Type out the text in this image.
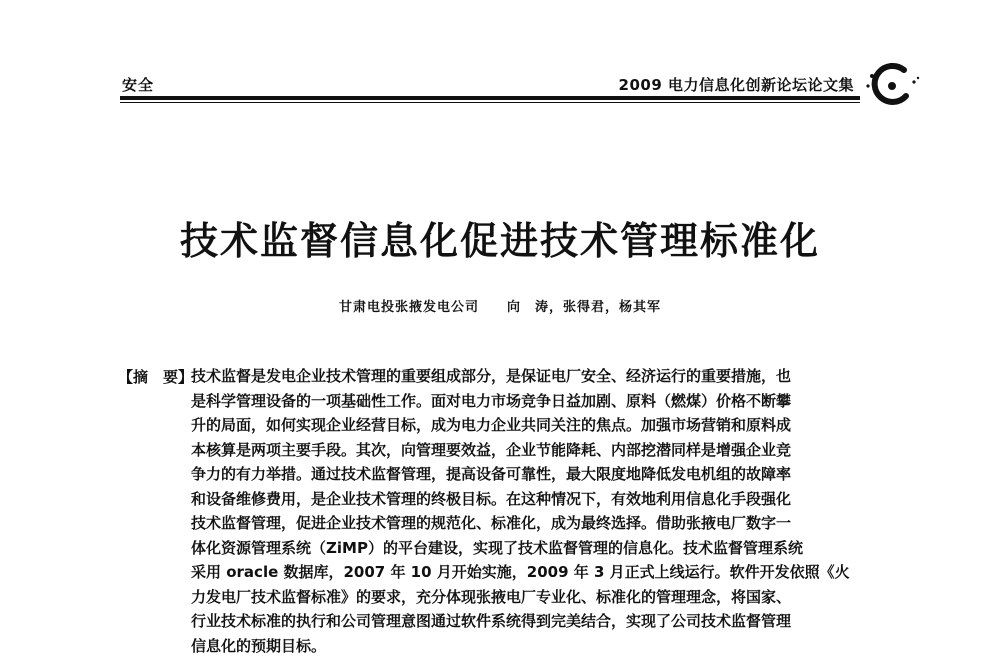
安全	2009 电力信息化创新论坛论文集
技术监督信息化促进技术管理标准化
甘肃电投张掖发电公司 向　涛，张得君，杨其军
【摘　要】
技术监督是发电企业技术管理的重要组成部分，是保证电厂安全、经济运行的重要措施，也
是科学管理设备的一项基础性工作。面对电力市场竞争日益加剧、原料（燃煤）价格不断攀
升的局面，如何实现企业经营目标，成为电力企业共同关注的焦点。加强市场营销和原料成
本核算是两项主要手段。其次，向管理要效益，企业节能降耗、内部挖潜同样是增强企业竞
争力的有力举措。通过技术监督管理，提高设备可靠性，最大限度地降低发电机组的故障率
和设备维修费用，是企业技术管理的终极目标。在这种情况下，有效地利用信息化手段强化
技术监督管理，促进企业技术管理的规范化、标准化，成为最终选择。借助张掖电厂数字一
体化资源管理系统（ZiMP）的平台建设，实现了技术监督管理的信息化。技术监督管理系统
采用 oracle 数据库，2007 年 10 月开始实施，2009 年 3 月正式上线运行。软件开发依照《火
力发电厂技术监督标准》的要求，充分体现张掖电厂专业化、标准化的管理理念，将国家、
行业技术标准的执行和公司管理意图通过软件系统得到完美结合，实现了公司技术监督管理
信息化的预期目标。
